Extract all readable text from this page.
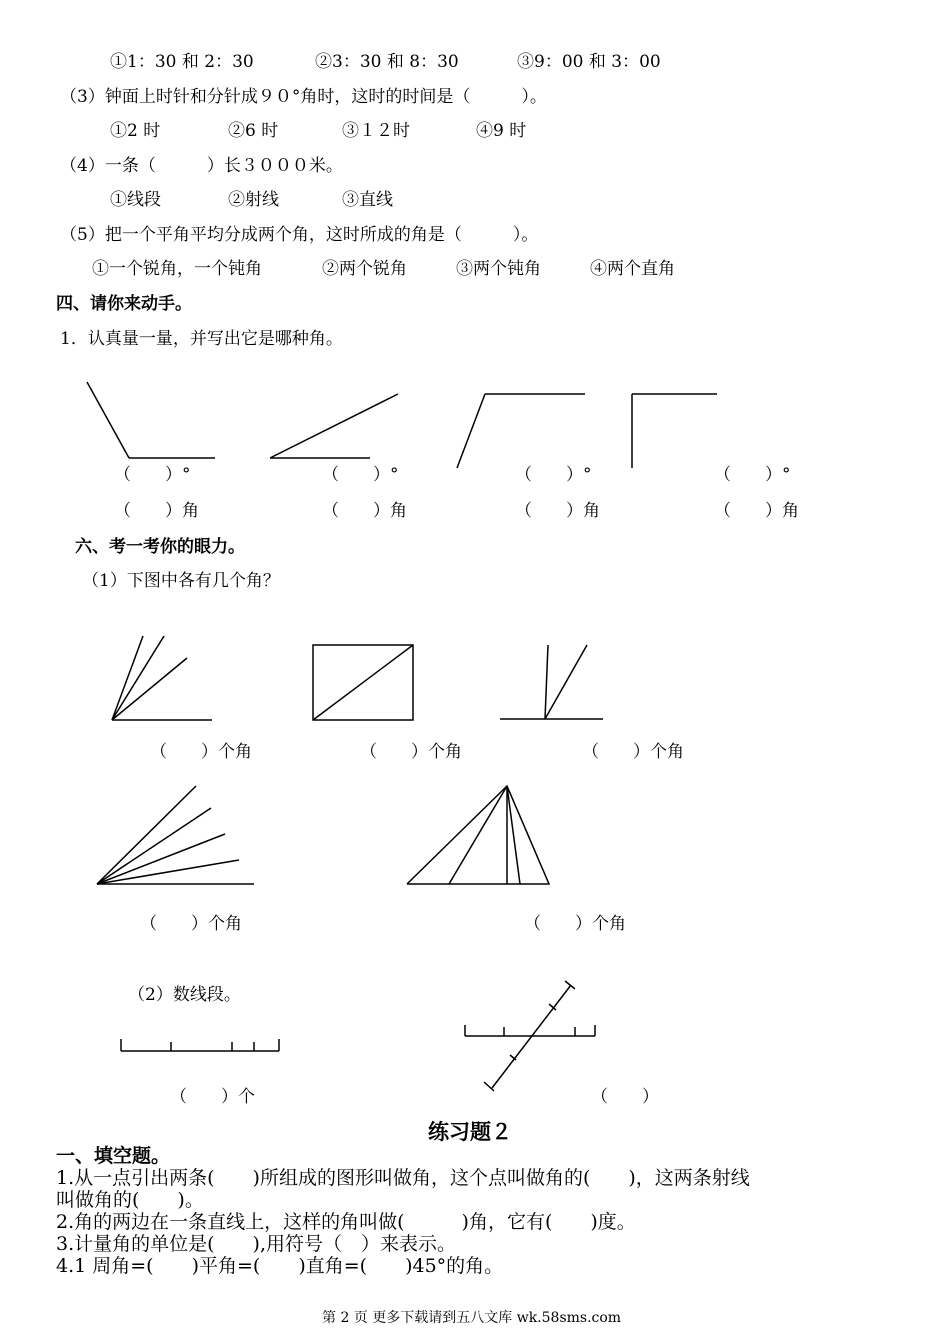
①1：30 和 2：30	②3：30 和 8：30	③9：00 和 3：00
（3）钟面上时针和分针成９０°角时，这时的时间是（　　　）。
①2 时	②6 时	③１２时	④9 时
（4）一条（　　　）长３０００米。
①线段	②射线	③直线
（5）把一个平角平均分成两个角，这时所成的角是（　　　）。
①一个锐角，一个钝角	②两个锐角	③两个钝角	④两个直角
四、请你来动手。
1．认真量一量，并写出它是哪种角。
（　　）°	（　　）°	（　　）°	（　　）°
（　　）角	（　　）角	（　　）角	（　　）角
六、考一考你的眼力。
（1）下图中各有几个角？
（　　）个角	（　　）个角	（　　）个角
（　　）个角	（　　）个角
（2）数线段。
（　　）个	（　　）
练习题２
一、填空题。
1.从一点引出两条(　　)所组成的图形叫做角，这个点叫做角的(　　)，这两条射线
叫做角的(　　)。
2.角的两边在一条直线上，这样的角叫做(　　　)角，它有(　　)度。
3.计量角的单位是(　　),用符号（　）来表示。
4.1 周角=(　　)平角=(　　)直角=(　　)45°的角。
第 2 页 更多下载请到五八文库 wk.58sms.com
